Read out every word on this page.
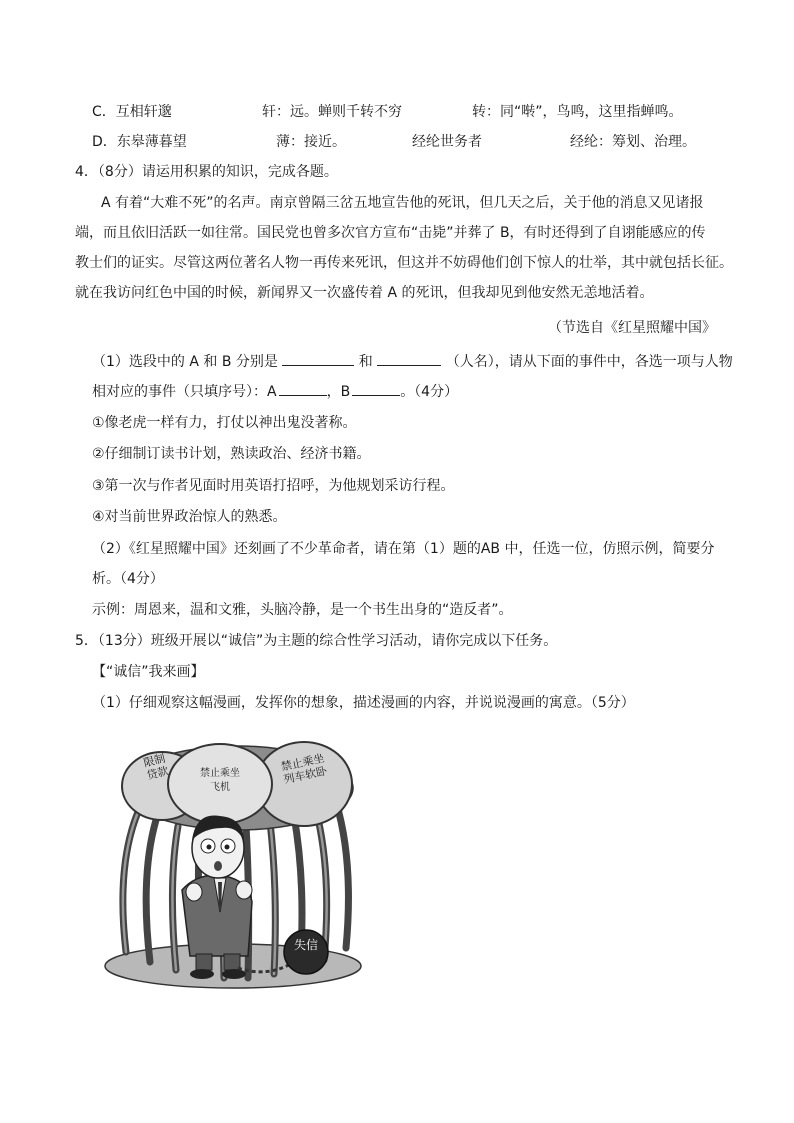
C．互相轩邈	轩：远。蝉则千转不穷	转：同“啭”，鸟鸣，这里指蝉鸣。
D．东皋薄暮望	薄：接近。	经纶世务者	经纶：筹划、治理。
4．（8分）请运用积累的知识，完成各题。
A 有着“大难不死”的名声。南京曾隔三岔五地宣告他的死讯，但几天之后，关于他的消息又见诸报
端，而且依旧活跃一如往常。国民党也曾多次官方宣布“击毙”并葬了 B，有时还得到了自诩能感应的传
教士们的证实。尽管这两位著名人物一再传来死讯，但这并不妨碍他们创下惊人的壮举，其中就包括长征。
就在我访问红色中国的时候，新闻界又一次盛传着 A 的死讯，但我却见到他安然无恙地活着。
（节选自《红星照耀中国》
（1）选段中的 A 和 B 分别是	和	（人名），请从下面的事件中，各选一项与人物
相对应的事件（只填序号）：A	，B	。（4分）
①像老虎一样有力，打仗以神出鬼没著称。
②仔细制订读书计划，熟读政治、经济书籍。
③第一次与作者见面时用英语打招呼，为他规划采访行程。
④对当前世界政治惊人的熟悉。
（2）《红星照耀中国》还刻画了不少革命者，请在第（1）题的AB 中，任选一位，仿照示例，简要分
析。（4分）
示例：周恩来，温和文雅，头脑冷静，是一个书生出身的“造反者”。
5．（13分）班级开展以“诚信”为主题的综合性学习活动，请你完成以下任务。
【“诚信”我来画】
（1）仔细观察这幅漫画，发挥你的想象，描述漫画的内容，并说说漫画的寓意。（5分）
限制贷款	禁止乘坐
飞机
禁止乘坐列车软卧
失信
